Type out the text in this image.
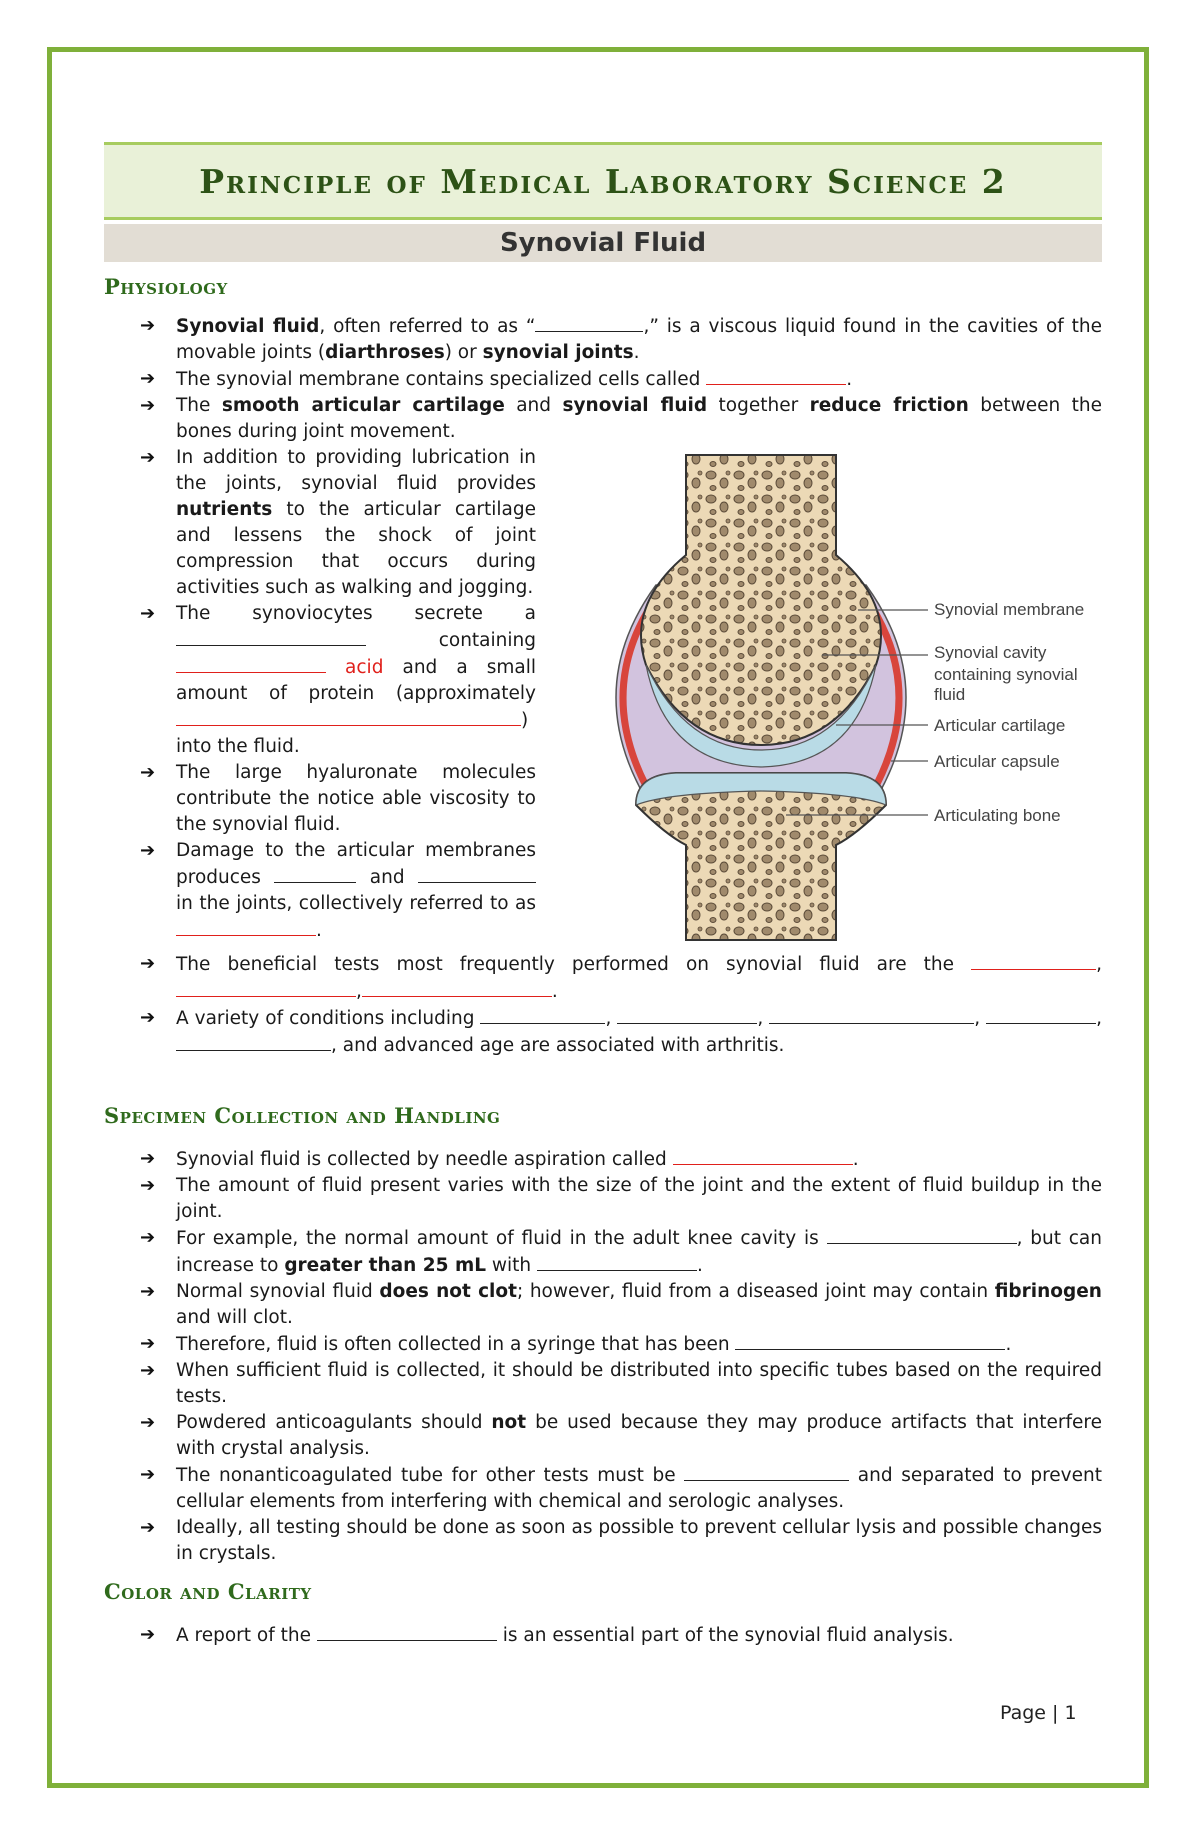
Principle of Medical Laboratory Science 2
Synovial Fluid
Physiology
➔ Synovial fluid, often referred to as “	,” is a viscous liquid found in the cavities of the movable joints (diarthroses) or synovial joints.
➔ The synovial membrane contains specialized cells called	.
➔ The smooth articular cartilage and synovial fluid together reduce friction between the bones during joint movement.
➔ In addition to providing lubrication in the joints, synovial fluid provides nutrients to the articular cartilage and lessens the shock of joint compression that occurs during activities such as walking and jogging.
➔ The synoviocytes secrete a  containing  acid and a small amount of protein (approximately ) into the fluid.
➔ The large hyaluronate molecules contribute the notice able viscosity to the synovial fluid.
➔ Damage to the articular membranes produces	and  in the joints, collectively referred to as .
Synovial membrane
Synovial cavity
containing synovial fluid
Articular cartilage
Articular capsule
Articulating bone
➔ The beneficial tests most frequently performed on synovial fluid are the	,,	.
➔ A variety of conditions including	,	,	,	, , and advanced age are associated with arthritis.
Specimen Collection and Handling
➔ Synovial fluid is collected by needle aspiration called	.
➔ The amount of fluid present varies with the size of the joint and the extent of fluid buildup in the joint.
➔ For example, the normal amount of fluid in the adult knee cavity is	, but can increase to greater than 25 mL with	.
➔ Normal synovial fluid does not clot; however, fluid from a diseased joint may contain fibrinogen and will clot.
➔ Therefore, fluid is often collected in a syringe that has been	.
➔ When sufficient fluid is collected, it should be distributed into specific tubes based on the required tests.
➔ Powdered anticoagulants should not be used because they may produce artifacts that interfere with crystal analysis.
➔ The nonanticoagulated tube for other tests must be	and separated to prevent cellular elements from interfering with chemical and serologic analyses.
➔ Ideally, all testing should be done as soon as possible to prevent cellular lysis and possible changes in crystals.
Color and Clarity
➔ A report of the	is an essential part of the synovial fluid analysis.
Page | 1
